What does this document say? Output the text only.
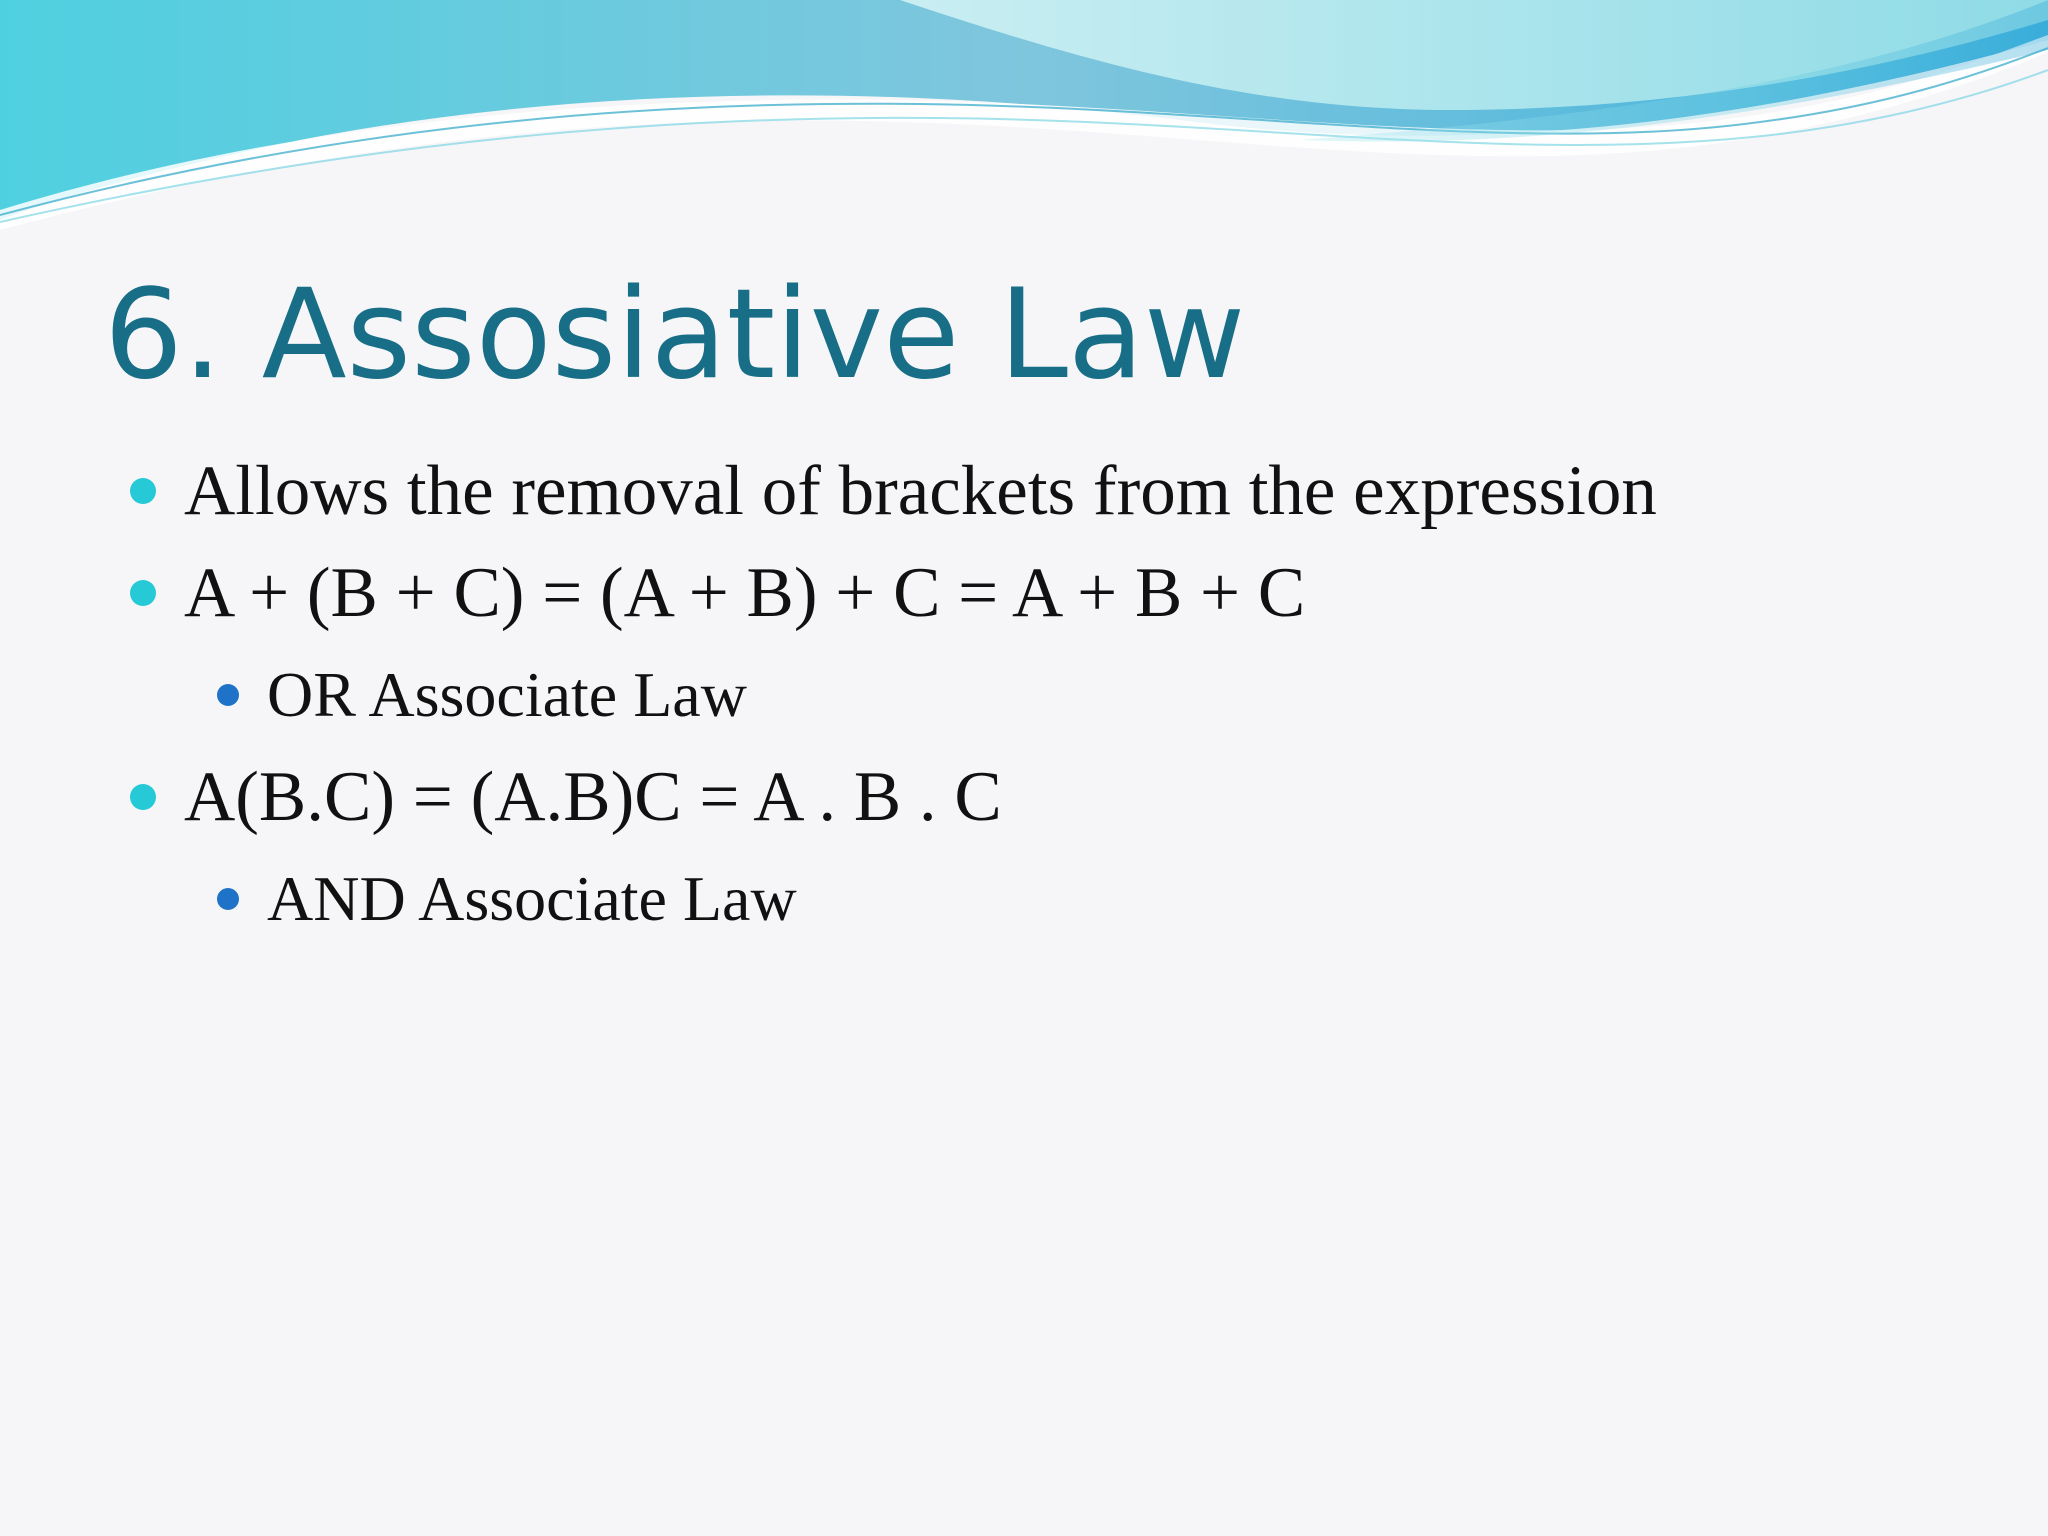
6. Assosiative Law
Allows the removal of brackets from the expression
A + (B + C) = (A + B) + C = A + B + C
OR Associate Law
A(B.C) = (A.B)C = A . B . C
AND Associate Law
